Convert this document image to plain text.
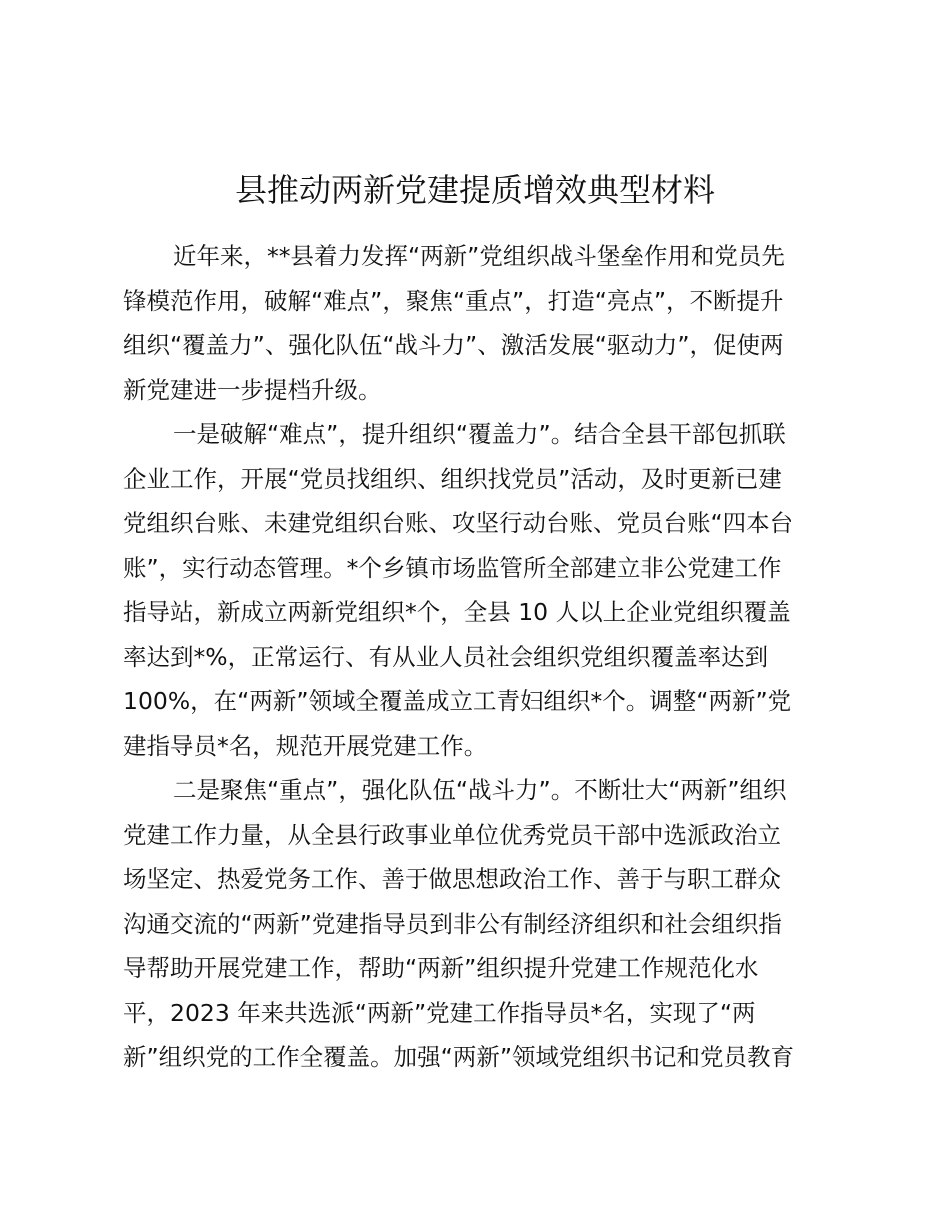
县推动两新党建提质增效典型材料
近年来，**县着力发挥“两新”党组织战斗堡垒作用和党员先
锋模范作用，破解“难点”，聚焦“重点”，打造“亮点”，不断提升
组织“覆盖力”、强化队伍“战斗力”、激活发展“驱动力”，促使两
新党建进一步提档升级。
一是破解“难点”，提升组织“覆盖力”。结合全县干部包抓联
企业工作，开展“党员找组织、组织找党员”活动，及时更新已建
党组织台账、未建党组织台账、攻坚行动台账、党员台账“四本台
账”，实行动态管理。*个乡镇市场监管所全部建立非公党建工作
指导站，新成立两新党组织*个，全县 10 人以上企业党组织覆盖
率达到*%，正常运行、有从业人员社会组织党组织覆盖率达到
100%，在“两新”领域全覆盖成立工青妇组织*个。调整“两新”党
建指导员*名，规范开展党建工作。
二是聚焦“重点”，强化队伍“战斗力”。不断壮大“两新”组织
党建工作力量，从全县行政事业单位优秀党员干部中选派政治立
场坚定、热爱党务工作、善于做思想政治工作、善于与职工群众
沟通交流的“两新”党建指导员到非公有制经济组织和社会组织指
导帮助开展党建工作，帮助“两新”组织提升党建工作规范化水
平，2023 年来共选派“两新”党建工作指导员*名，实现了“两
新”组织党的工作全覆盖。加强“两新”领域党组织书记和党员教育
